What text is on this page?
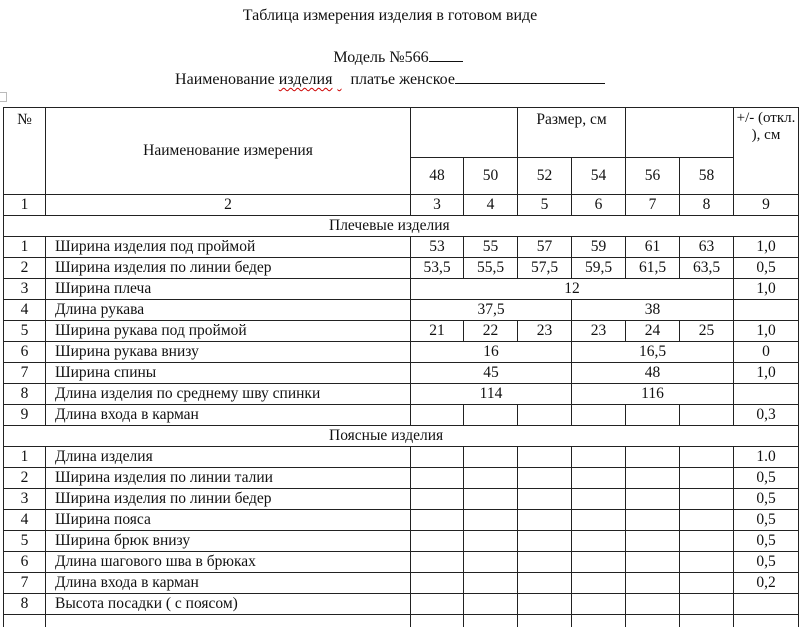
Таблица измерения изделия в готовом виде
Модель №566
Наименование изделия платье женское
№	Наименование измерения			Размер, см				+/- (откл. ), см
		48	50	52	54	56	58	
1	2	3	4	5	6	7	8	9
Плечевые изделия								
1	Ширина изделия под проймой	53	55	57	59	61	63	1,0
2	Ширина изделия по линии бедер	53,5	55,5	57,5	59,5	61,5	63,5	0,5
3	Ширина плеча	12						1,0
4	Длина рукава	37,5			38			
5	Ширина рукава под проймой	21	22	23	23	24	25	1,0
6	Ширина рукава внизу	16			16,5			0
7	Ширина спины	45			48			1,0
8	Длина изделия по среднему шву спинки	114			116			
9	Длина входа в карман							0,3
Поясные изделия								
1	Длина изделия							1.0
2	Ширина изделия по линии талии							0,5
3	Ширина изделия по линии бедер							0,5
4	Ширина пояса							0,5
5	Ширина брюк внизу							0,5
6	Длина шагового шва в брюках							0,5
7	Длина входа в карман							0,2
8	Высота посадки ( с поясом)							
